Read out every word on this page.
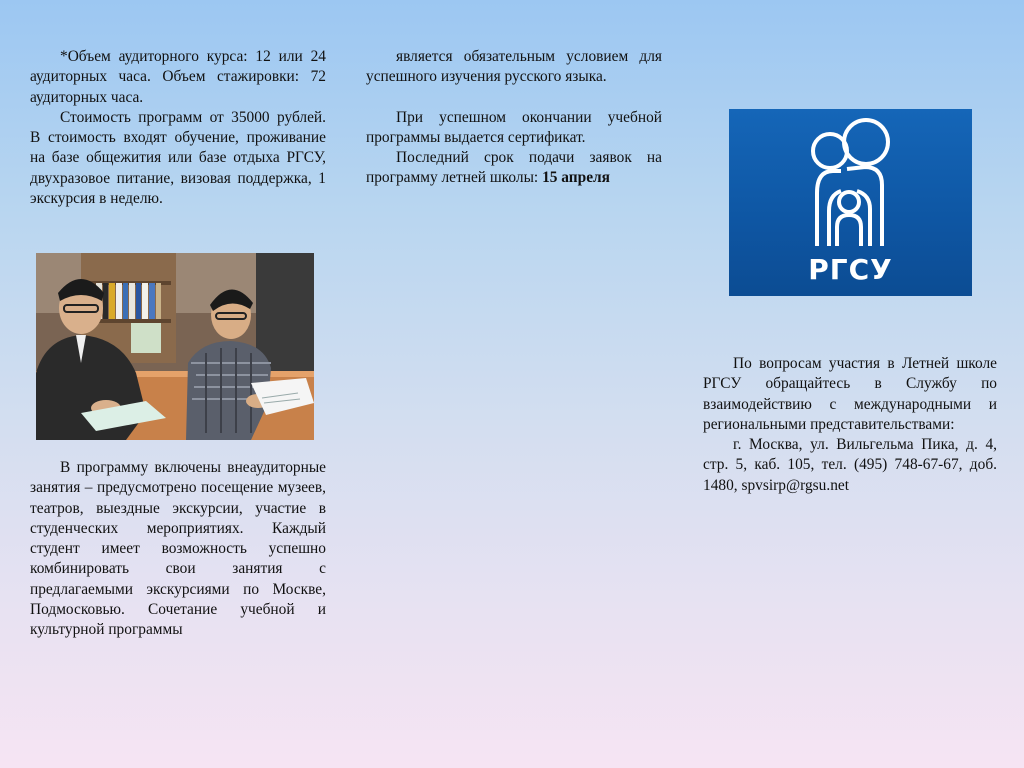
*Объем аудиторного курса: 12 или 24 аудиторных часа. Объем стажировки: 72 аудиторных часа.

Стоимость программ от 35000 рублей. В стоимость входят обучение, проживание на базе общежития или базе отдыха РГСУ, двухразовое питание, визовая поддержка, 1 экскурсия в неделю.

В программу включены внеаудиторные занятия – предусмотрено посещение музеев, театров, выездные экскурсии, участие в студенческих мероприятиях. Каждый студент имеет возможность успешно комбинировать свои занятия с предлагаемыми экскурсиями по Москве, Подмосковью. Сочетание учебной и культурной программы

является обязательным условием для успешного изучения русского языка.

При успешном окончании учебной программы выдается сертификат.

Последний срок подачи заявок на программу летней школы: 15 апреля

РГСУ

По вопросам участия в Летней школе РГСУ обращайтесь в Службу по взаимодействию с международными и региональными представительствами:

г. Москва, ул. Вильгельма Пика, д. 4, стр. 5, каб. 105, тел. (495) 748-67-67, доб. 1480, spvsirp@rgsu.net
